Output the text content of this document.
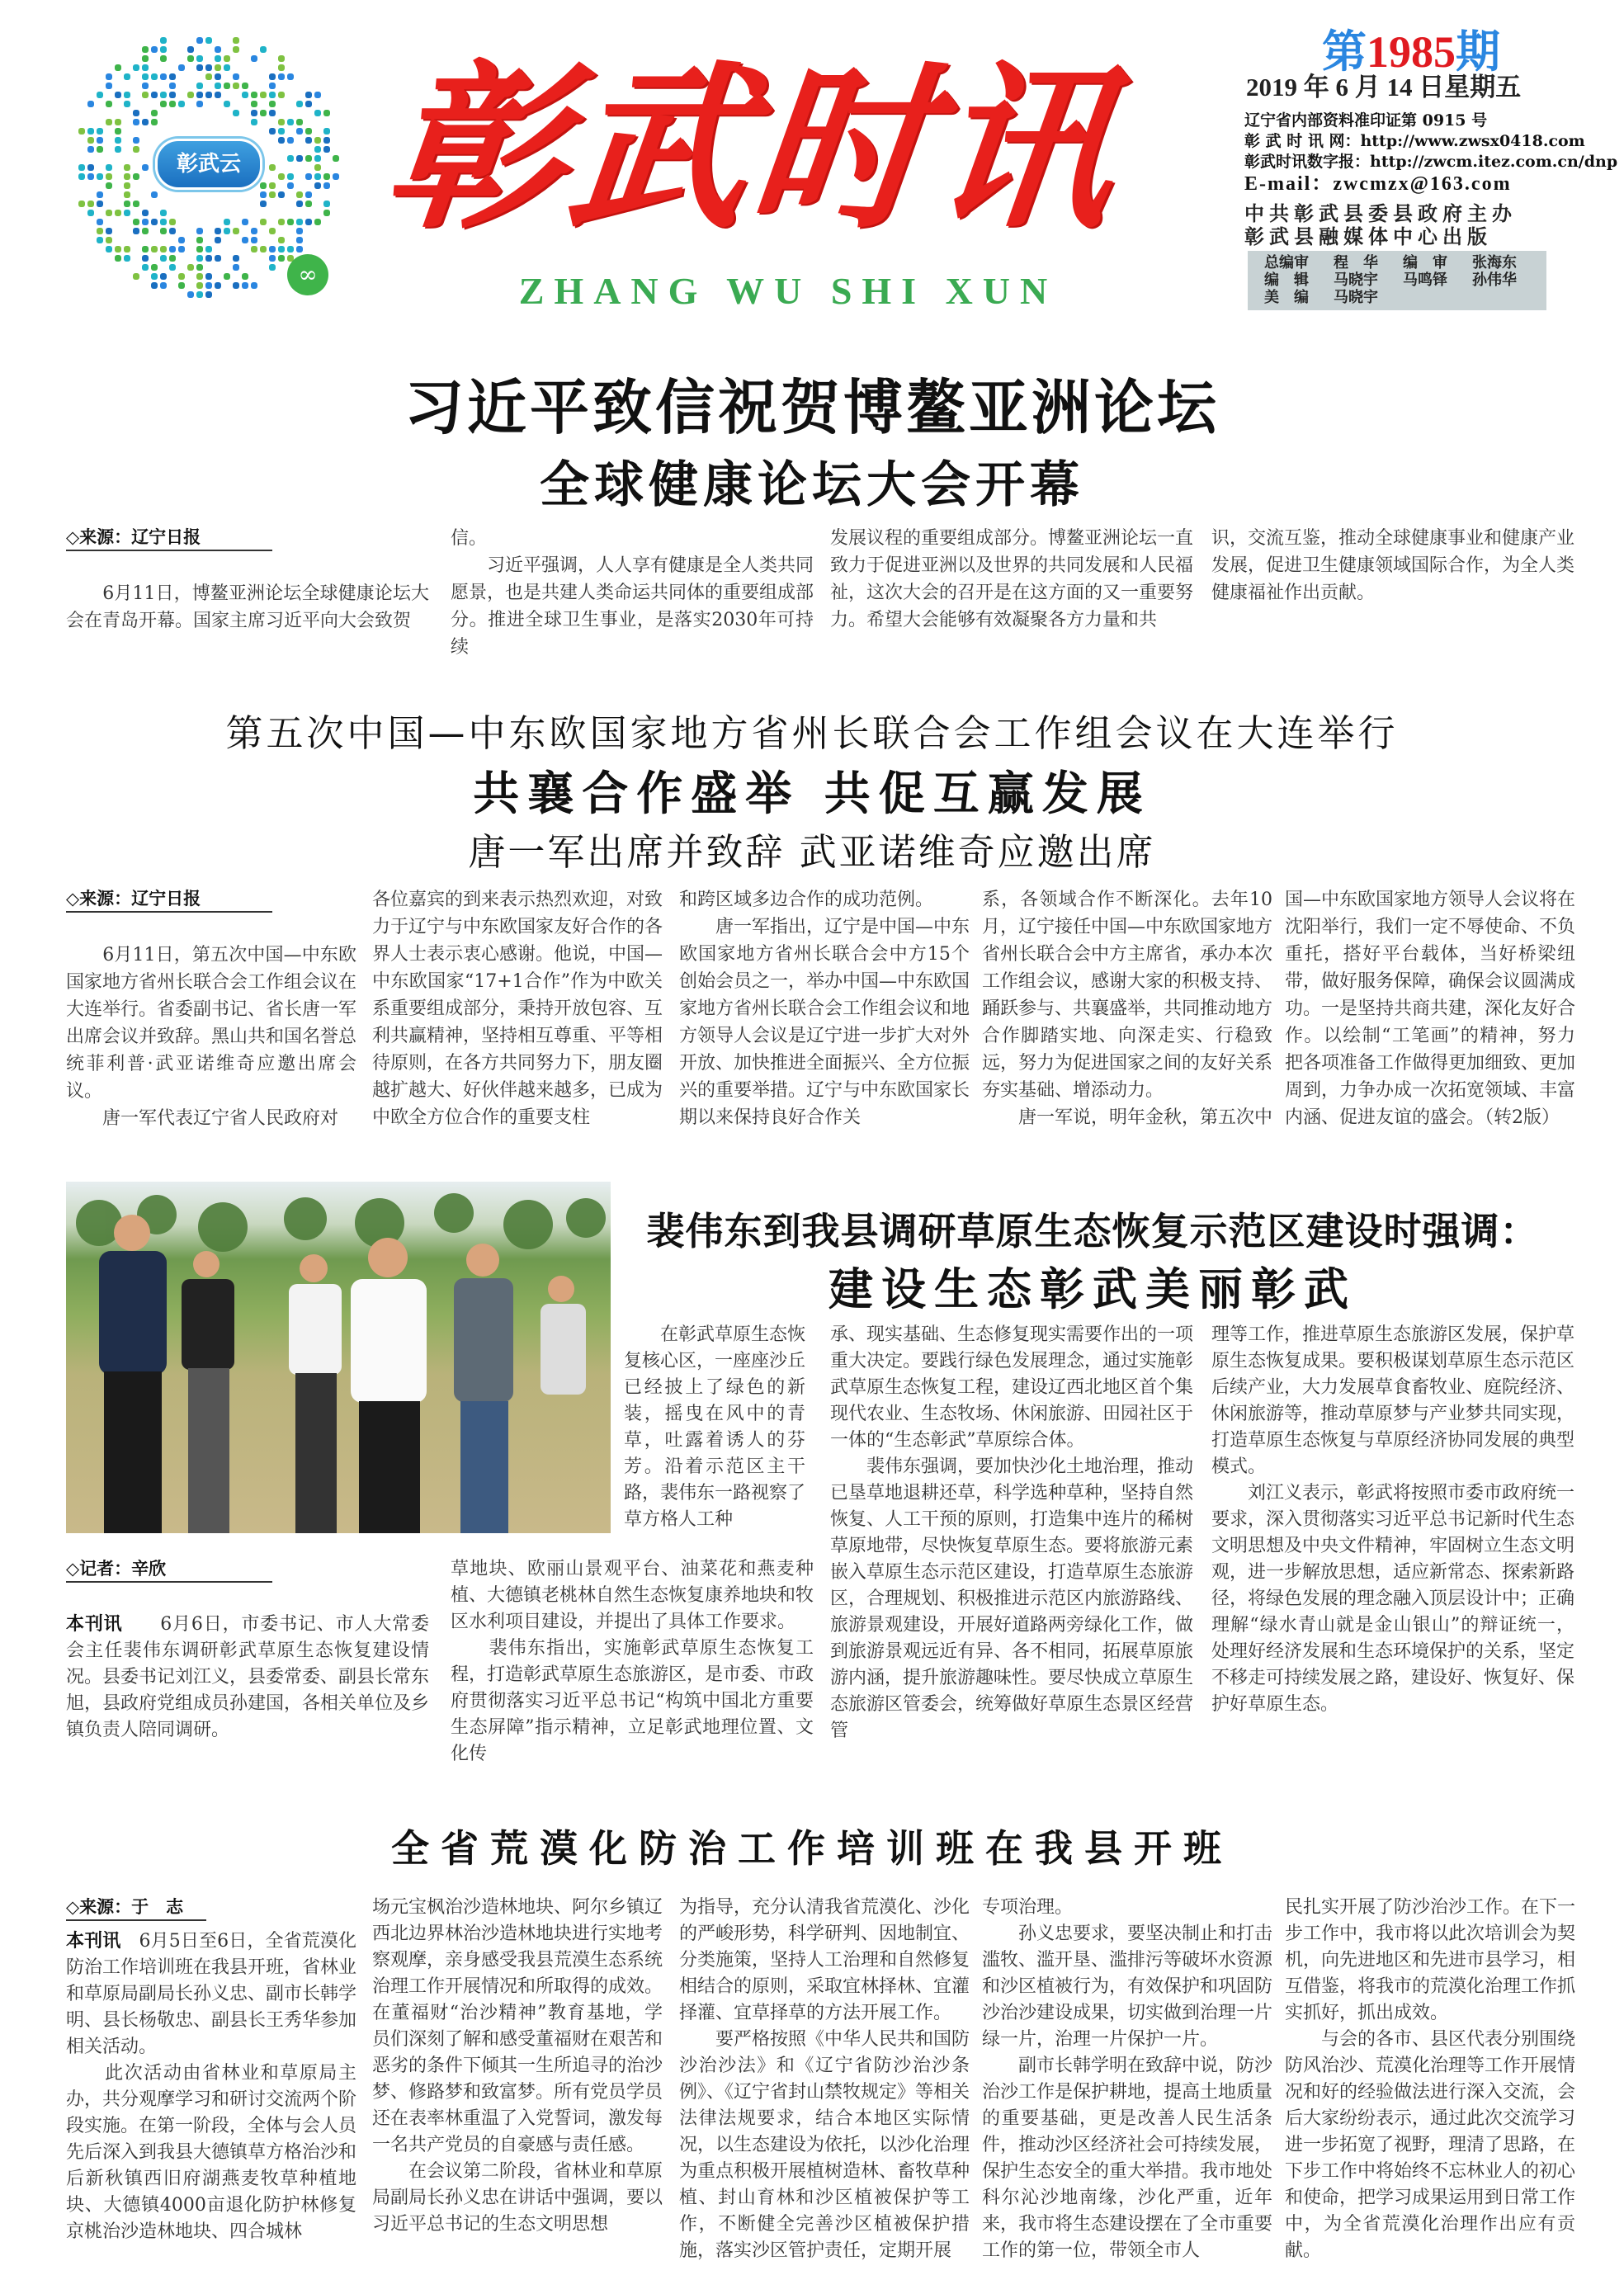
彰武云
∞
彰武时讯
ZHANG WU SHI XUN
第1985期
2019 年 6 月 14 日星期五
辽宁省内部资料准印证第 0915 号
彰 武 时 讯 网：http://www.zwsx0418.com
彰武时讯数字报：http://zwcm.itez.com.cn/dnp
E-mail：zwcmzx@163.com
中共彰武县委县政府主办
彰武县融媒体中心出版
总编审	程　华	编　审	张海东
编　辑	马晓宇	马鸣铎	孙伟华
美　编	马晓宇
习近平致信祝贺博鳌亚洲论坛
全球健康论坛大会开幕
◇来源：辽宁日报

　　6月11日，博鳌亚洲论坛全球健康论坛大会在青岛开幕。国家主席习近平向大会致贺
信。
　　习近平强调，人人享有健康是全人类共同愿景，也是共建人类命运共同体的重要组成部分。推进全球卫生事业，是落实2030年可持续
发展议程的重要组成部分。博鳌亚洲论坛一直致力于促进亚洲以及世界的共同发展和人民福祉，这次大会的召开是在这方面的又一重要努力。希望大会能够有效凝聚各方力量和共
识，交流互鉴，推动全球健康事业和健康产业发展，促进卫生健康领域国际合作，为全人类健康福祉作出贡献。
第五次中国—中东欧国家地方省州长联合会工作组会议在大连举行
共襄合作盛举 共促互赢发展
唐一军出席并致辞 武亚诺维奇应邀出席
◇来源：辽宁日报

　　6月11日，第五次中国—中东欧国家地方省州长联合会工作组会议在大连举行。省委副书记、省长唐一军出席会议并致辞。黑山共和国名誉总统菲利普·武亚诺维奇应邀出席会议。
　　唐一军代表辽宁省人民政府对
各位嘉宾的到来表示热烈欢迎，对致力于辽宁与中东欧国家友好合作的各界人士表示衷心感谢。他说，中国—中东欧国家“17+1合作”作为中欧关系重要组成部分，秉持开放包容、互利共赢精神，坚持相互尊重、平等相待原则，在各方共同努力下，朋友圈越扩越大、好伙伴越来越多，已成为中欧全方位合作的重要支柱
和跨区域多边合作的成功范例。
　　唐一军指出，辽宁是中国—中东欧国家地方省州长联合会中方15个创始会员之一，举办中国—中东欧国家地方省州长联合会工作组会议和地方领导人会议是辽宁进一步扩大对外开放、加快推进全面振兴、全方位振兴的重要举措。辽宁与中东欧国家长期以来保持良好合作关
系，各领域合作不断深化。去年10月，辽宁接任中国—中东欧国家地方省州长联合会中方主席省，承办本次工作组会议，感谢大家的积极支持、踊跃参与、共襄盛举，共同推动地方合作脚踏实地、向深走实、行稳致远，努力为促进国家之间的友好关系夯实基础、增添动力。
　　唐一军说，明年金秋，第五次中
国—中东欧国家地方领导人会议将在沈阳举行，我们一定不辱使命、不负重托，搭好平台载体，当好桥梁纽带，做好服务保障，确保会议圆满成功。一是坚持共商共建，深化友好合作。以绘制“工笔画”的精神，努力把各项准备工作做得更加细致、更加周到，力争办成一次拓宽领域、丰富内涵、促进友谊的盛会。（转2版）
裴伟东到我县调研草原生态恢复示范区建设时强调：
建设生态彰武美丽彰武
　　在彰武草原生态恢复核心区，一座座沙丘已经披上了绿色的新装，摇曳在风中的青草，吐露着诱人的芬芳。沿着示范区主干路，裴伟东一路视察了草方格人工种
◇记者：辛欣
本刊讯　　6月6日，市委书记、市人大常委会主任裴伟东调研彰武草原生态恢复建设情况。县委书记刘江义，县委常委、副县长常东旭，县政府党组成员孙建国，各相关单位及乡镇负责人陪同调研。
草地块、欧丽山景观平台、油菜花和燕麦种植、大德镇老桃林自然生态恢复康养地块和牧区水利项目建设，并提出了具体工作要求。
　　裴伟东指出，实施彰武草原生态恢复工程，打造彰武草原生态旅游区，是市委、市政府贯彻落实习近平总书记“构筑中国北方重要生态屏障”指示精神，立足彰武地理位置、文化传
承、现实基础、生态修复现实需要作出的一项重大决定。要践行绿色发展理念，通过实施彰武草原生态恢复工程，建设辽西北地区首个集现代农业、生态牧场、休闲旅游、田园社区于一体的“生态彰武”草原综合体。
　　裴伟东强调，要加快沙化土地治理，推动已垦草地退耕还草，科学选种草种，坚持自然恢复、人工干预的原则，打造集中连片的稀树草原地带，尽快恢复草原生态。要将旅游元素嵌入草原生态示范区建设，打造草原生态旅游区，合理规划、积极推进示范区内旅游路线、旅游景观建设，开展好道路两旁绿化工作，做到旅游景观远近有异、各不相同，拓展草原旅游内涵，提升旅游趣味性。要尽快成立草原生态旅游区管委会，统筹做好草原生态景区经营管
理等工作，推进草原生态旅游区发展，保护草原生态恢复成果。要积极谋划草原生态示范区后续产业，大力发展草食畜牧业、庭院经济、休闲旅游等，推动草原梦与产业梦共同实现，打造草原生态恢复与草原经济协同发展的典型模式。
　　刘江义表示，彰武将按照市委市政府统一要求，深入贯彻落实习近平总书记新时代生态文明思想及中央文件精神，牢固树立生态文明观，进一步解放思想，适应新常态、探索新路径，将绿色发展的理念融入顶层设计中；正确理解“绿水青山就是金山银山”的辩证统一，处理好经济发展和生态环境保护的关系，坚定不移走可持续发展之路，建设好、恢复好、保护好草原生态。
全省荒漠化防治工作培训班在我县开班
◇来源：于　志
本刊讯　6月5日至6日，全省荒漠化防治工作培训班在我县开班，省林业和草原局副局长孙义忠、副市长韩学明、县长杨敬忠、副县长王秀华参加相关活动。
　　此次活动由省林业和草原局主办，共分观摩学习和研讨交流两个阶段实施。在第一阶段，全体与会人员先后深入到我县大德镇草方格治沙和后新秋镇西旧府湖燕麦牧草种植地块、大德镇4000亩退化防护林修复京桃治沙造林地块、四合城林
场元宝枫治沙造林地块、阿尔乡镇辽西北边界林治沙造林地块进行实地考察观摩，亲身感受我县荒漠生态系统治理工作开展情况和所取得的成效。在董福财“治沙精神”教育基地，学员们深刻了解和感受董福财在艰苦和恶劣的条件下倾其一生所追寻的治沙梦、修路梦和致富梦。所有党员学员还在表率林重温了入党誓词，激发每一名共产党员的自豪感与责任感。
　　在会议第二阶段，省林业和草原局副局长孙义忠在讲话中强调，要以习近平总书记的生态文明思想
为指导，充分认清我省荒漠化、沙化的严峻形势，科学研判、因地制宜、分类施策，坚持人工治理和自然修复相结合的原则，采取宜林择林、宜灌择灌、宜草择草的方法开展工作。
　　要严格按照《中华人民共和国防沙治沙法》和《辽宁省防沙治沙条例》、《辽宁省封山禁牧规定》等相关法律法规要求，结合本地区实际情况，以生态建设为依托，以沙化治理为重点积极开展植树造林、畜牧草种植、封山育林和沙区植被保护等工作，不断健全完善沙区植被保护措施，落实沙区管护责任，定期开展
专项治理。
　　孙义忠要求，要坚决制止和打击滥牧、滥开垦、滥排污等破坏水资源和沙区植被行为，有效保护和巩固防沙治沙建设成果，切实做到治理一片绿一片，治理一片保护一片。
　　副市长韩学明在致辞中说，防沙治沙工作是保护耕地，提高土地质量的重要基础，更是改善人民生活条件，推动沙区经济社会可持续发展，保护生态安全的重大举措。我市地处科尔沁沙地南缘，沙化严重，近年来，我市将生态建设摆在了全市重要工作的第一位，带领全市人
民扎实开展了防沙治沙工作。在下一步工作中，我市将以此次培训会为契机，向先进地区和先进市县学习，相互借鉴，将我市的荒漠化治理工作抓实抓好，抓出成效。
　　与会的各市、县区代表分别围绕防风治沙、荒漠化治理等工作开展情况和好的经验做法进行深入交流，会后大家纷纷表示，通过此次交流学习进一步拓宽了视野，理清了思路，在下步工作中将始终不忘林业人的初心和使命，把学习成果运用到日常工作中，为全省荒漠化治理作出应有贡献。
